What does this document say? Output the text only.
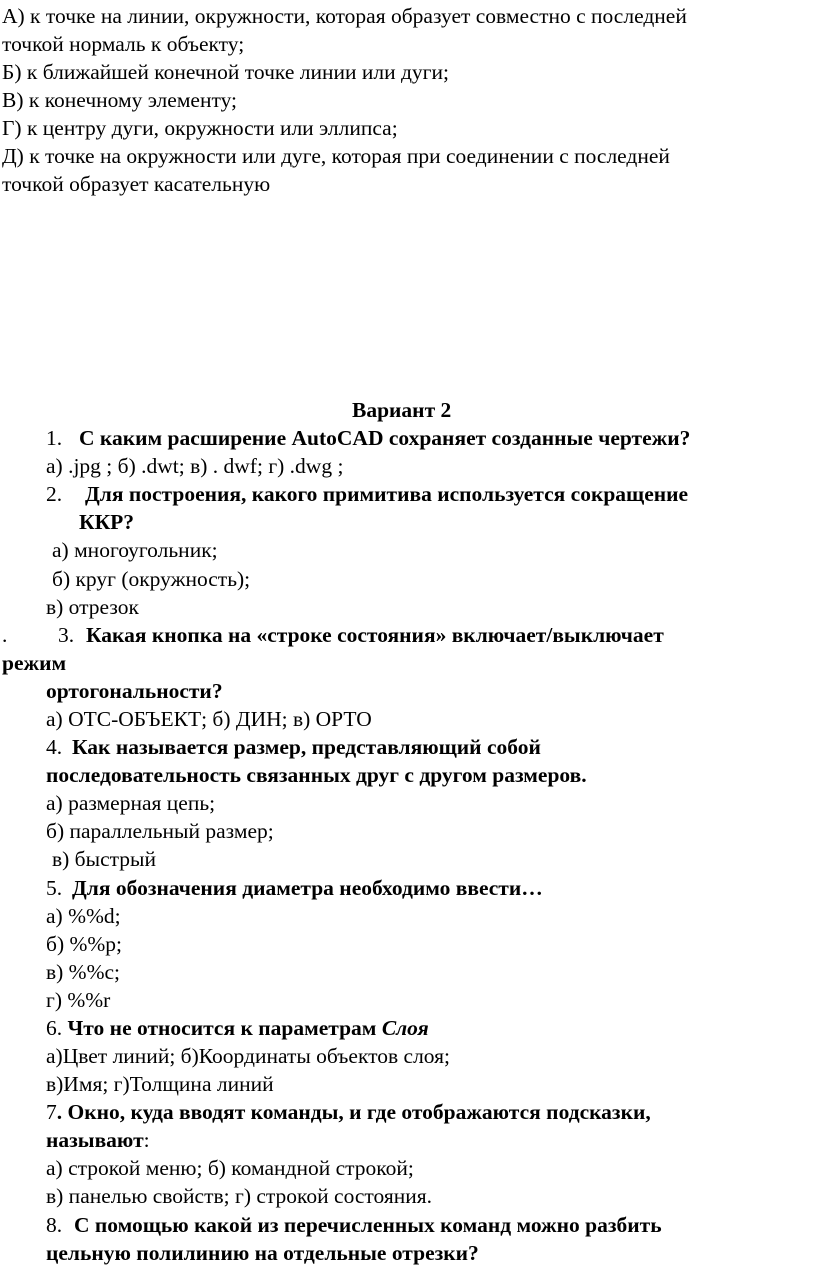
А) к точке на линии, окружности, которая образует совместно с последней
точкой нормаль к объекту;
Б) к ближайшей конечной точке линии или дуги;
В) к конечному элементу;
Г) к центру дуги, окружности или эллипса;
Д) к точке на окружности или дуге, которая при соединении с последней
точкой образует касательную
Вариант 2
1. С каким расширение AutoCAD сохраняет созданные чертежи?
а) .jpg ; б) .dwt; в) . dwf; г) .dwg ;
2. Для построения, какого примитива используется сокращение
ККР?
а) многоугольник;
б) круг (окружность);
в) отрезок
. 3. Какая кнопка на «строке состояния» включает/выключает
режим
ортогональности?
а) ОТС-ОБЪЕКТ; б) ДИН; в) ОРТО
4. Как называется размер, представляющий собой
последовательность связанных друг с другом размеров.
а) размерная цепь;
б) параллельный размер;
в) быстрый
5. Для обозначения диаметра необходимо ввести…
а) %%d;
б) %%p;
в) %%c;
г) %%r
6. Что не относится к параметрам Слоя
а)Цвет линий; б)Координаты объектов слоя;
в)Имя; г)Толщина линий
7. Окно, куда вводят команды, и где отображаются подсказки,
называют:
а) строкой меню; б) командной строкой;
в) панелью свойств; г) строкой состояния.
8. С помощью какой из перечисленных команд можно разбить
цельную полилинию на отдельные отрезки?
